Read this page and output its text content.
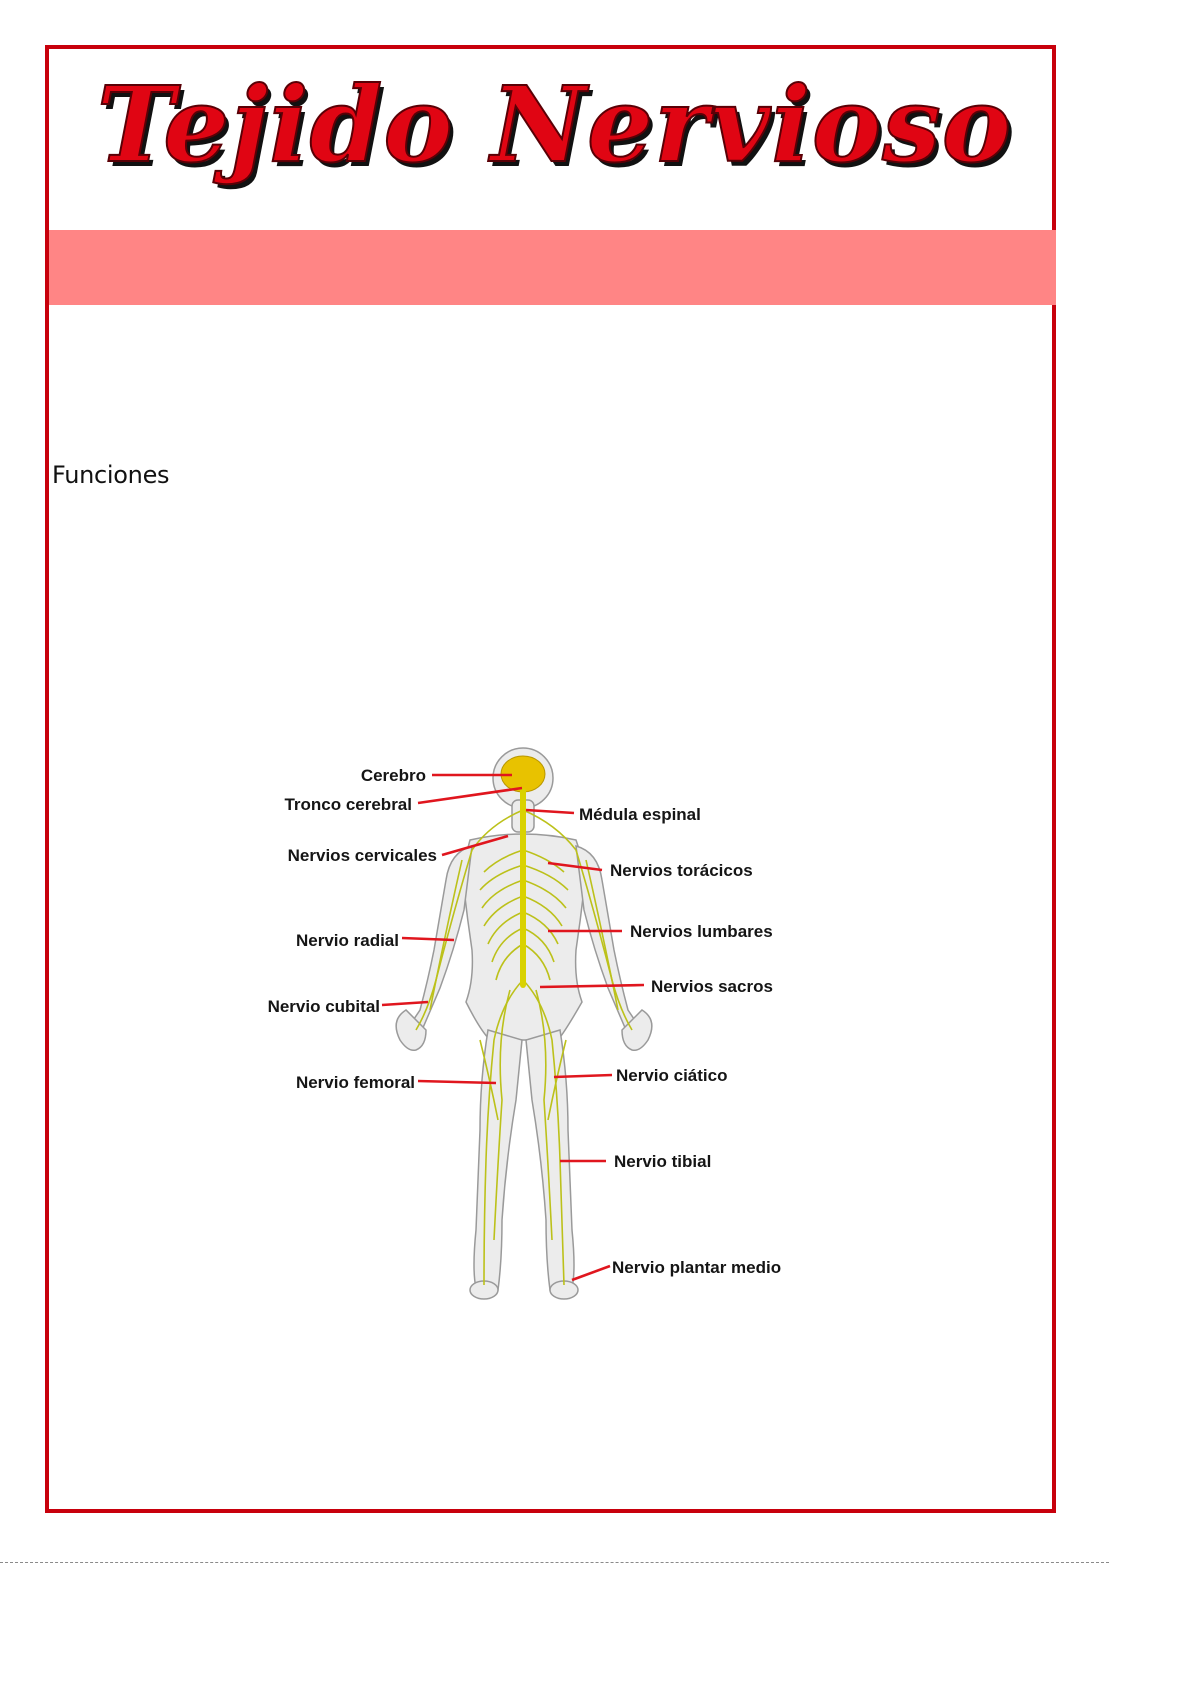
Tejido Nervioso
Funciones
Cerebro
Tronco cerebral
Médula espinal
Nervios cervicales
Nervios torácicos
Nervio radial	Nervios lumbares
Nervios sacros
Nervio cubital
Nervio femoral	Nervio ciático
Nervio tibial
Nervio plantar medio
